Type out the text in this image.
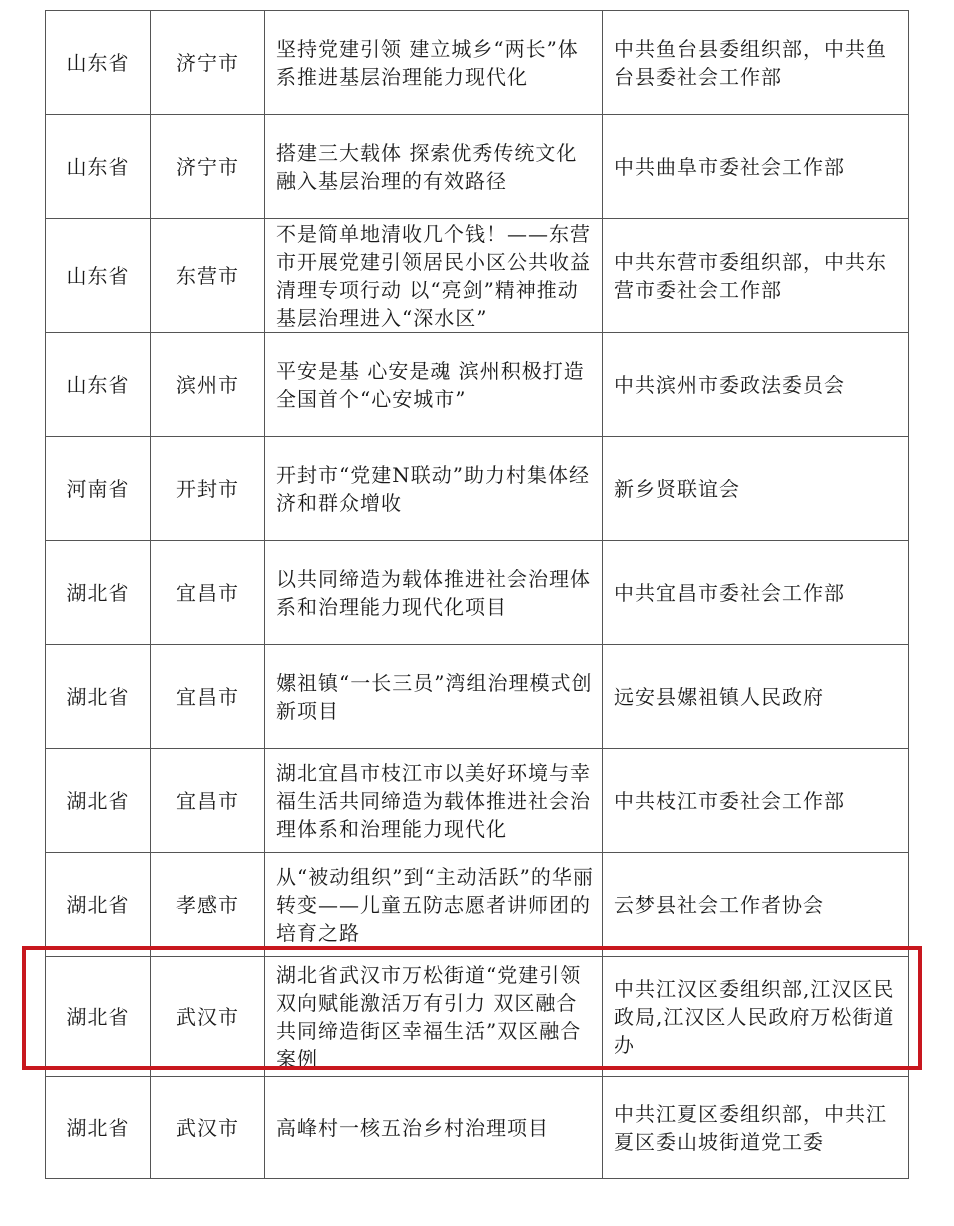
山东省	济宁市	坚持党建引领 建立城乡“两长”体系推进基层治理能力现代化	中共鱼台县委组织部，中共鱼台县委社会工作部
山东省	济宁市	搭建三大载体 探索优秀传统文化融入基层治理的有效路径	中共曲阜市委社会工作部
山东省	东营市	不是简单地清收几个钱！——东营市开展党建引领居民小区公共收益清理专项行动 以“亮剑”精神推动基层治理进入“深水区”	中共东营市委组织部，中共东营市委社会工作部
山东省	滨州市	平安是基 心安是魂 滨州积极打造全国首个“心安城市”	中共滨州市委政法委员会
河南省	开封市	开封市“党建N联动”助力村集体经济和群众增收	新乡贤联谊会
湖北省	宜昌市	以共同缔造为载体推进社会治理体系和治理能力现代化项目	中共宜昌市委社会工作部
湖北省	宜昌市	嫘祖镇“一长三员”湾组治理模式创新项目	远安县嫘祖镇人民政府
湖北省	宜昌市	湖北宜昌市枝江市以美好环境与幸福生活共同缔造为载体推进社会治理体系和治理能力现代化	中共枝江市委社会工作部
湖北省	孝感市	从“被动组织”到“主动活跃”的华丽转变——儿童五防志愿者讲师团的培育之路	云梦县社会工作者协会
湖北省	武汉市	湖北省武汉市万松街道“党建引领双向赋能激活万有引力 双区融合共同缔造街区幸福生活”双区融合案例	中共江汉区委组织部,江汉区民政局,江汉区人民政府万松街道办
湖北省	武汉市	高峰村一核五治乡村治理项目	中共江夏区委组织部，中共江夏区委山坡街道党工委
